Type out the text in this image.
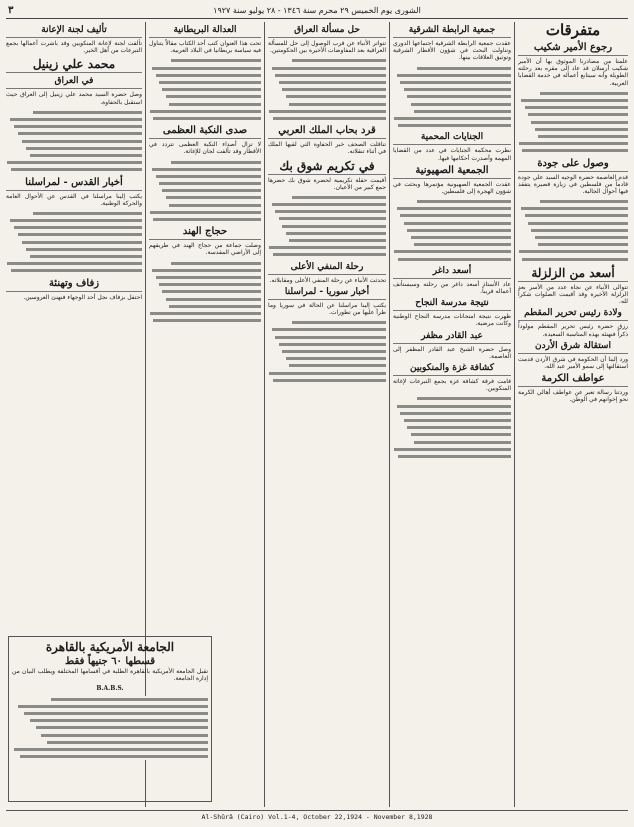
٣	الشورى يوم الخميس ٢٩ محرم سنة ١٣٤٦ - ٢٨ يوليو سنة ١٩٢٧
متفرقات
رجوع الأمير شكيب

علمنا من مصادرنا الموثوق بها أن الأمير شكيب أرسلان قد عاد إلى مقره بعد رحلته الطويلة وأنه سيتابع أعماله في خدمة القضايا العربية.

وصول على جودة

قدم العاصمة حضرة الوجيه السيد علي جودة قادماً من فلسطين في زيارة قصيرة يتفقد فيها أحوال الجالية.

أسعد من الزلزلة

تتوالى الأنباء عن نجاة عدد من الأسر بعد الزلزلة الأخيرة وقد أقيمت الصلوات شكراً لله.

ولادة رئيس تحرير المقطم

رزق حضرة رئيس تحرير المقطم مولوداً ذكراً فنهنئه بهذه المناسبة السعيدة.

استقالة شرق الأردن

ورد إلينا أن الحكومة في شرق الأردن قدمت استقالتها إلى سمو الأمير عبد الله.

عواطف الكرمة

وردتنا رسالة تعبر عن عواطف أهالي الكرمة نحو إخوانهم في الوطن.

جمعية الرابطة الشرقية

عقدت جمعية الرابطة الشرقية اجتماعها الدوري وتناولت البحث في شؤون الأقطار الشرقية وتوثيق العلاقات بينها.

الجنايات المحمية

نظرت محكمة الجنايات في عدد من القضايا المهمة وأصدرت أحكامها فيها.

الجمعية الصهيونية

عقدت الجمعية الصهيونية مؤتمرها وبحثت في شؤون الهجرة إلى فلسطين.

أسعد داغر

عاد الأستاذ أسعد داغر من رحلته وسيستأنف أعماله قريباً.

نتيجة مدرسة النجاح

ظهرت نتيجة امتحانات مدرسة النجاح الوطنية وكانت مرضية.

عبد القادر مظفر

وصل حضرة الشيخ عبد القادر المظفر إلى العاصمة.

كشافة غزة والمنكوبين

قامت فرقة كشافة غزة بجمع التبرعات لإغاثة المنكوبين.

حل مسألة العراق

تتواتر الأنباء عن قرب الوصول إلى حل للمسألة العراقية بعد المفاوضات الأخيرة بين الحكومتين.

قرد بحاب الملك العربي

تناقلت الصحف خبر الحفاوة التي لقيها الملك في أثناء تنقلاته.

في تكريم شوق بك

أقيمت حفلة تكريمية لحضرة شوق بك حضرها جمع كبير من الأعيان.

رحلة المنفي الأعلى

تحدثت الأنباء عن رحلة المنفي الأعلى ومقابلاته.

أخبار سوريا - لمراسلنا

يكتب إلينا مراسلنا عن الحالة في سوريا وما طرأ عليها من تطورات.

العدالة البريطانية

تحت هذا العنوان كتب أحد الكتاب مقالاً يتناول فيه سياسة بريطانيا في البلاد العربية.

صدى النكبة العظمى

لا تزال أصداء النكبة العظمى تتردد في الأقطار وقد تألفت لجان للإغاثة.

حجاج الهند

وصلت جماعة من حجاج الهند في طريقهم إلى الأراضي المقدسة.

تأليف لجنة الإعانة

تألفت لجنة لإعانة المنكوبين وقد باشرت أعمالها بجمع التبرعات من أهل الخير.

محمد علي زينيل
في العراق

وصل حضرة السيد محمد علي زينيل إلى العراق حيث استقبل بالحفاوة.

أخبار القدس - لمراسلنا

يكتب إلينا مراسلنا في القدس عن الأحوال العامة والحركة الوطنية.

زفاف وتهنئة

احتفل بزفاف نجل أحد الوجهاء فنهنئ العروسين.

الجامعة الأمريكية بالقاهرة
قسطها ٦٠ جنيهاً فقط

تقبل الجامعة الأمريكية بالقاهرة الطلبة في أقسامها المختلفة ويطلب البيان من إدارة الجامعة.

B.A.B.S.

Al-Shûrâ (Cairo) Vol.1-4, October 22,1924 - November 8,1928
